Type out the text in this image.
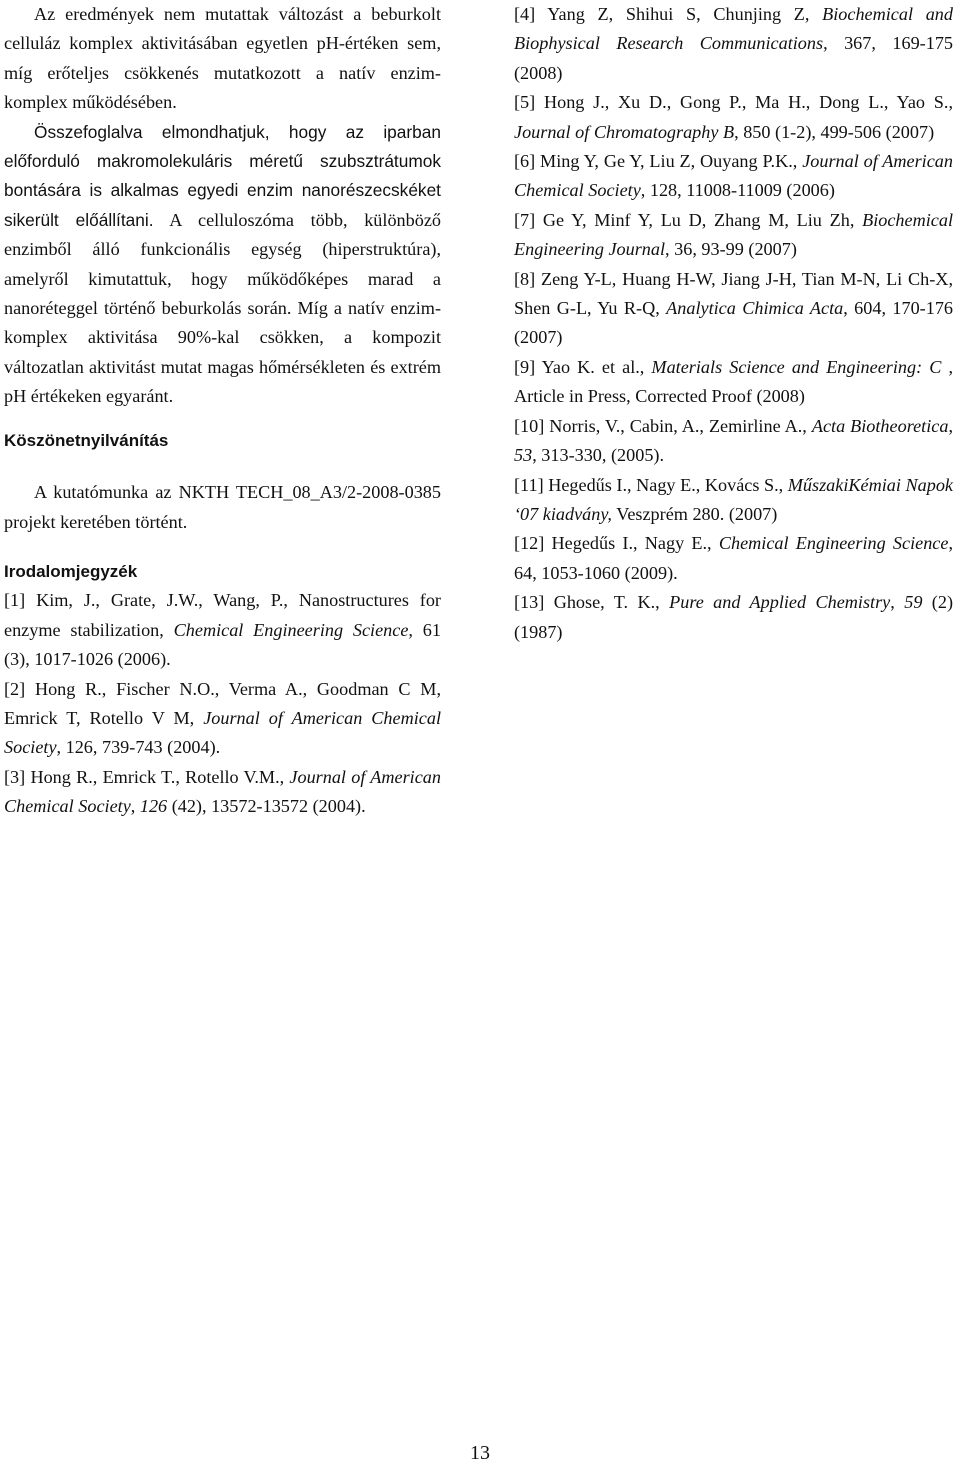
Az eredmények nem mutattak változást a beburkolt celluláz komplex aktivitásában egyetlen pH-értéken sem, míg erőteljes csökkenés mutatkozott a natív enzim-komplex működésében.

Összefoglalva elmondhatjuk, hogy az iparban előforduló makromolekuláris méretű szubsztrátumok bontására is alkalmas egyedi enzim nanorészecskéket sikerült előállítani. A celluloszóma több, különböző enzimből álló funkcionális egység (hiperstruktúra), amelyről kimutattuk, hogy működőképes marad a nanoréteggel történő beburkolás során. Míg a natív enzim-komplex aktivitása 90%-kal csökken, a kompozit változatlan aktivitást mutat magas hőmérsékleten és extrém pH értékeken egyaránt.

Köszönetnyilvánítás

A kutatómunka az NKTH TECH_08_A3/2-2008-0385 projekt keretében történt.

Irodalomjegyzék

[1] Kim, J., Grate, J.W., Wang, P., Nanostructures for enzyme stabilization, Chemical Engineering Science, 61 (3), 1017-1026 (2006).

[2] Hong R., Fischer N.O., Verma A., Goodman C M, Emrick T, Rotello V M, Journal of American Chemical Society, 126, 739-743 (2004).

[3] Hong R., Emrick T., Rotello V.M., Journal of American Chemical Society, 126 (42), 13572-13572 (2004).

[4] Yang Z, Shihui S, Chunjing Z, Biochemical and Biophysical Research Communications, 367, 169-175 (2008)

[5] Hong J., Xu D., Gong P., Ma H., Dong L., Yao S., Journal of Chromatography B, 850 (1-2), 499-506 (2007)

[6] Ming Y, Ge Y, Liu Z, Ouyang P.K., Journal of American Chemical Society, 128, 11008-11009 (2006)

[7] Ge Y, Minf Y, Lu D, Zhang M, Liu Zh, Biochemical Engineering Journal, 36, 93-99 (2007)

[8] Zeng Y-L, Huang H-W, Jiang J-H, Tian M-N, Li Ch-X, Shen G-L, Yu R-Q, Analytica Chimica Acta, 604, 170-176 (2007)

[9] Yao K. et al., Materials Science and Engineering: C , Article in Press, Corrected Proof (2008)

[10] Norris, V., Cabin, A., Zemirline A., Acta Biotheoretica, 53, 313-330, (2005).

[11] Hegedűs I., Nagy E., Kovács S., MűszakiKémiai Napok ‘07 kiadvány, Veszprém 280. (2007)

[12] Hegedűs I., Nagy E., Chemical Engineering Science, 64, 1053-1060 (2009).

[13] Ghose, T. K., Pure and Applied Chemistry, 59 (2) (1987)

13
